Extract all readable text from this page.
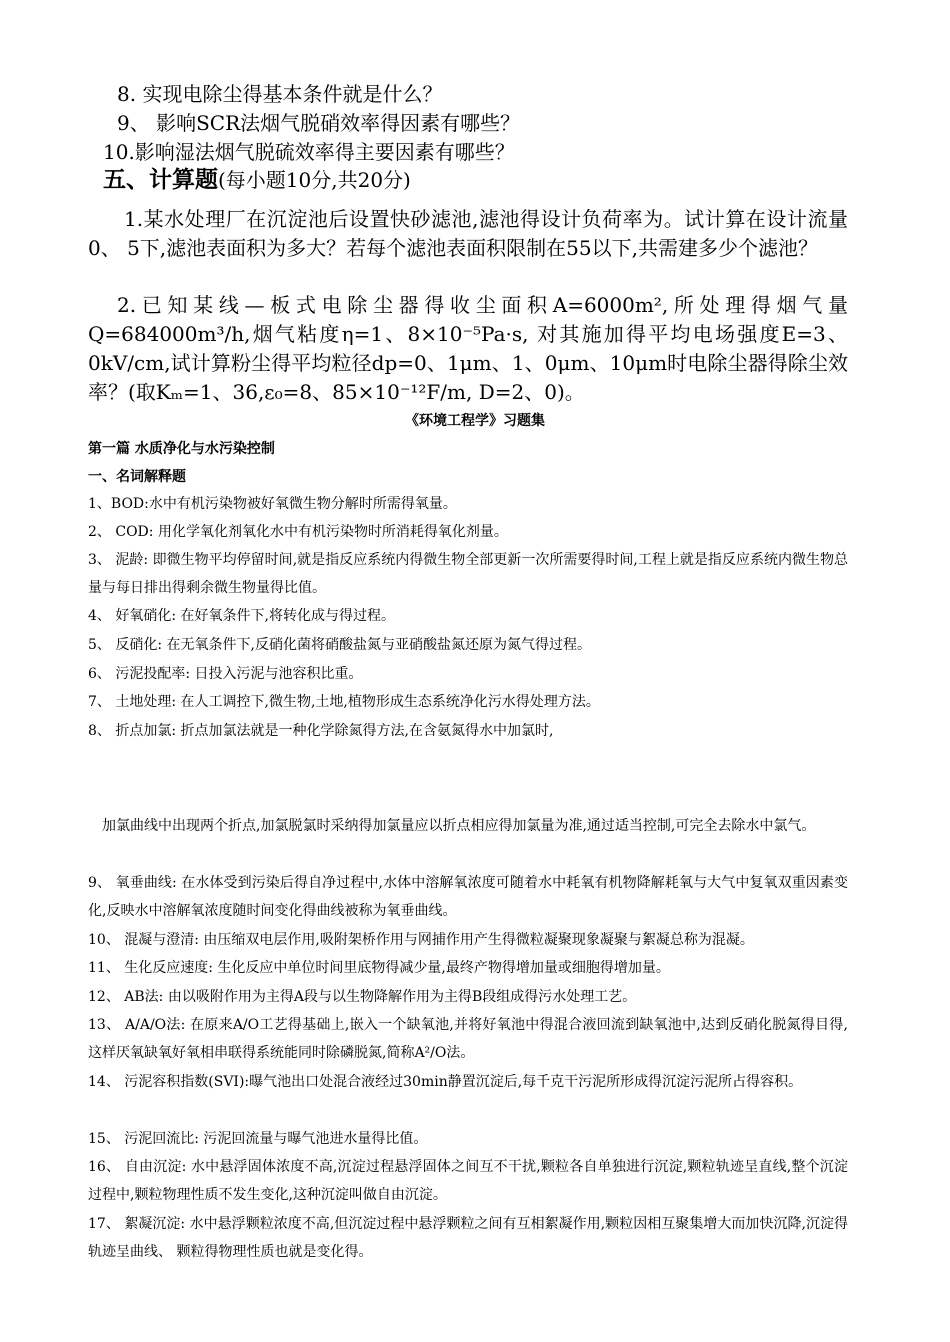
8. 实现电除尘得基本条件就是什么？
9、 影响SCR法烟气脱硝效率得因素有哪些？
10.影响湿法烟气脱硫效率得主要因素有哪些？
五、计算题(每小题10分,共20分)
1.某水处理厂在沉淀池后设置快砂滤池,滤池得设计负荷率为。试计算在设计流量0、 5下,滤池表面积为多大？若每个滤池表面积限制在55以下,共需建多少个滤池？
2.已知某线—板式电除尘器得收尘面积A=6000m²,所处理得烟气量Q=684000m³/h,烟气粘度η=1、8×10⁻⁵Pa·s, 对其施加得平均电场强度E=3、0kV/cm,试计算粉尘得平均粒径dp=0、1μm、1、0μm、10μm时电除尘器得除尘效率？(取Kₘ=1、36,ε₀=8、85×10⁻¹²F/m, D=2、0)。
《环境工程学》习题集
第一篇 水质净化与水污染控制
一、名词解释题
1、BOD:水中有机污染物被好氧微生物分解时所需得氧量。
2、 COD: 用化学氧化剂氧化水中有机污染物时所消耗得氧化剂量。
3、 泥龄: 即微生物平均停留时间,就是指反应系统内得微生物全部更新一次所需要得时间,工程上就是指反应系统内微生物总量与每日排出得剩余微生物量得比值。
4、 好氧硝化: 在好氧条件下,将转化成与得过程。
5、 反硝化: 在无氧条件下,反硝化菌将硝酸盐氮与亚硝酸盐氮还原为氮气得过程。
6、 污泥投配率: 日投入污泥与池容积比重。
7、 土地处理: 在人工调控下,微生物,土地,植物形成生态系统净化污水得处理方法。
8、 折点加氯: 折点加氯法就是一种化学除氮得方法,在含氨氮得水中加氯时,
加氯曲线中出现两个折点,加氯脱氯时采纳得加氯量应以折点相应得加氯量为准,通过适当控制,可完全去除水中氯气。
9、 氧垂曲线: 在水体受到污染后得自净过程中,水体中溶解氧浓度可随着水中耗氧有机物降解耗氧与大气中复氧双重因素变化,反映水中溶解氧浓度随时间变化得曲线被称为氧垂曲线。
10、 混凝与澄清: 由压缩双电层作用,吸附架桥作用与网捕作用产生得微粒凝聚现象凝聚与絮凝总称为混凝。
11、 生化反应速度: 生化反应中单位时间里底物得减少量,最终产物得增加量或细胞得增加量。
12、 AB法: 由以吸附作用为主得A段与以生物降解作用为主得B段组成得污水处理工艺。
13、 A/A/O法: 在原来A/O工艺得基础上,嵌入一个缺氧池,并将好氧池中得混合液回流到缺氧池中,达到反硝化脱氮得目得,这样厌氧缺氧好氧相串联得系统能同时除磷脱氮,简称A²/O法。
14、 污泥容积指数(SVI):曝气池出口处混合液经过30min静置沉淀后,每千克干污泥所形成得沉淀污泥所占得容积。
15、 污泥回流比: 污泥回流量与曝气池进水量得比值。
16、 自由沉淀: 水中悬浮固体浓度不高,沉淀过程悬浮固体之间互不干扰,颗粒各自单独进行沉淀,颗粒轨迹呈直线,整个沉淀过程中,颗粒物理性质不发生变化,这种沉淀叫做自由沉淀。
17、 絮凝沉淀: 水中悬浮颗粒浓度不高,但沉淀过程中悬浮颗粒之间有互相絮凝作用,颗粒因相互聚集增大而加快沉降,沉淀得轨迹呈曲线、 颗粒得物理性质也就是变化得。
